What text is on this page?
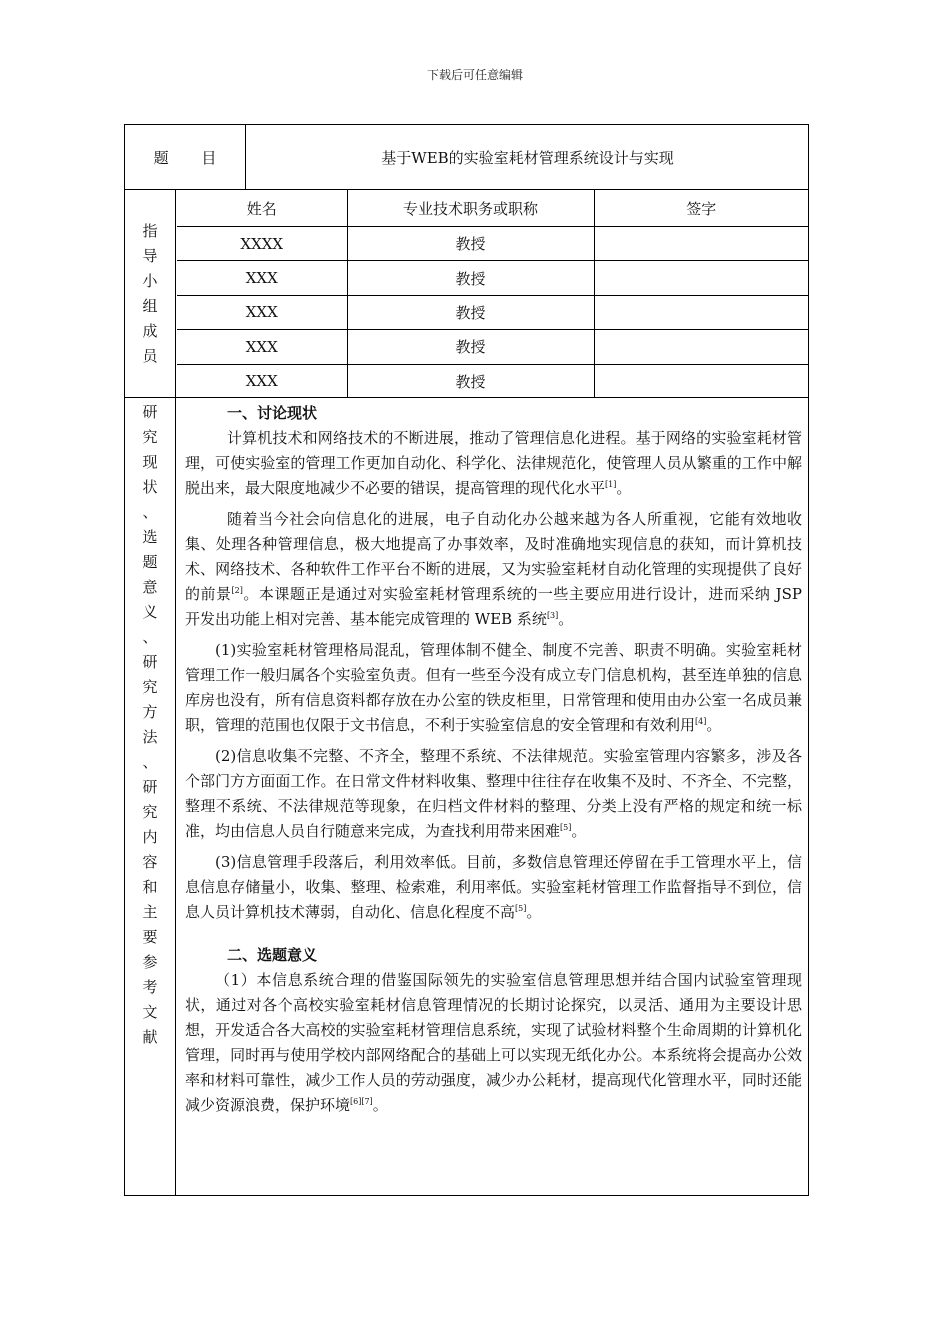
下载后可任意编辑
题 目	基于WEB的实验室耗材管理系统设计与实现
指
导
小
组
成
员
姓名	专业技术职务或职称	签字
XXXX	教授	
XXX	教授	
XXX	教授	
XXX	教授	
XXX	教授	
研
究
现
状
、
选
题
意
义
、
研
究
方
法
、
研
究
内
容
和
主
要
参
考
文
献
一、讨论现状

计算机技术和网络技术的不断进展，推动了管理信息化进程。基于网络的实验室耗材管理，可使实验室的管理工作更加自动化、科学化、法律规范化，使管理人员从繁重的工作中解脱出来，最大限度地减少不必要的错误，提高管理的现代化水平[1]。

随着当今社会向信息化的进展，电子自动化办公越来越为各人所重视，它能有效地收集、处理各种管理信息，极大地提高了办事效率，及时准确地实现信息的获知，而计算机技术、网络技术、各种软件工作平台不断的进展，又为实验室耗材自动化管理的实现提供了良好的前景[2]。本课题正是通过对实验室耗材管理系统的一些主要应用进行设计，进而采纳 JSP 开发出功能上相对完善、基本能完成管理的 WEB 系统[3]。

(1)实验室耗材管理格局混乱，管理体制不健全、制度不完善、职责不明确。实验室耗材管理工作一般归属各个实验室负责。但有一些至今没有成立专门信息机构，甚至连单独的信息库房也没有，所有信息资料都存放在办公室的铁皮柜里，日常管理和使用由办公室一名成员兼职，管理的范围也仅限于文书信息，不利于实验室信息的安全管理和有效利用[4]。

(2)信息收集不完整、不齐全，整理不系统、不法律规范。实验室管理内容繁多，涉及各个部门方方面面工作。在日常文件材料收集、整理中往往存在收集不及时、不齐全、不完整，整理不系统、不法律规范等现象，在归档文件材料的整理、分类上没有严格的规定和统一标准，均由信息人员自行随意来完成，为查找利用带来困难[5]。

(3)信息管理手段落后，利用效率低。目前，多数信息管理还停留在手工管理水平上，信息信息存储量小，收集、整理、检索难，利用率低。实验室耗材管理工作监督指导不到位，信息人员计算机技术薄弱，自动化、信息化程度不高[5]。

二、选题意义

（1）本信息系统合理的借鉴国际领先的实验室信息管理思想并结合国内试验室管理现状，通过对各个高校实验室耗材信息管理情况的长期讨论探究，以灵活、通用为主要设计思想，开发适合各大高校的实验室耗材管理信息系统，实现了试验材料整个生命周期的计算机化管理，同时再与使用学校内部网络配合的基础上可以实现无纸化办公。本系统将会提高办公效率和材料可靠性，减少工作人员的劳动强度，减少办公耗材，提高现代化管理水平，同时还能减少资源浪费，保护环境[6][7]。
